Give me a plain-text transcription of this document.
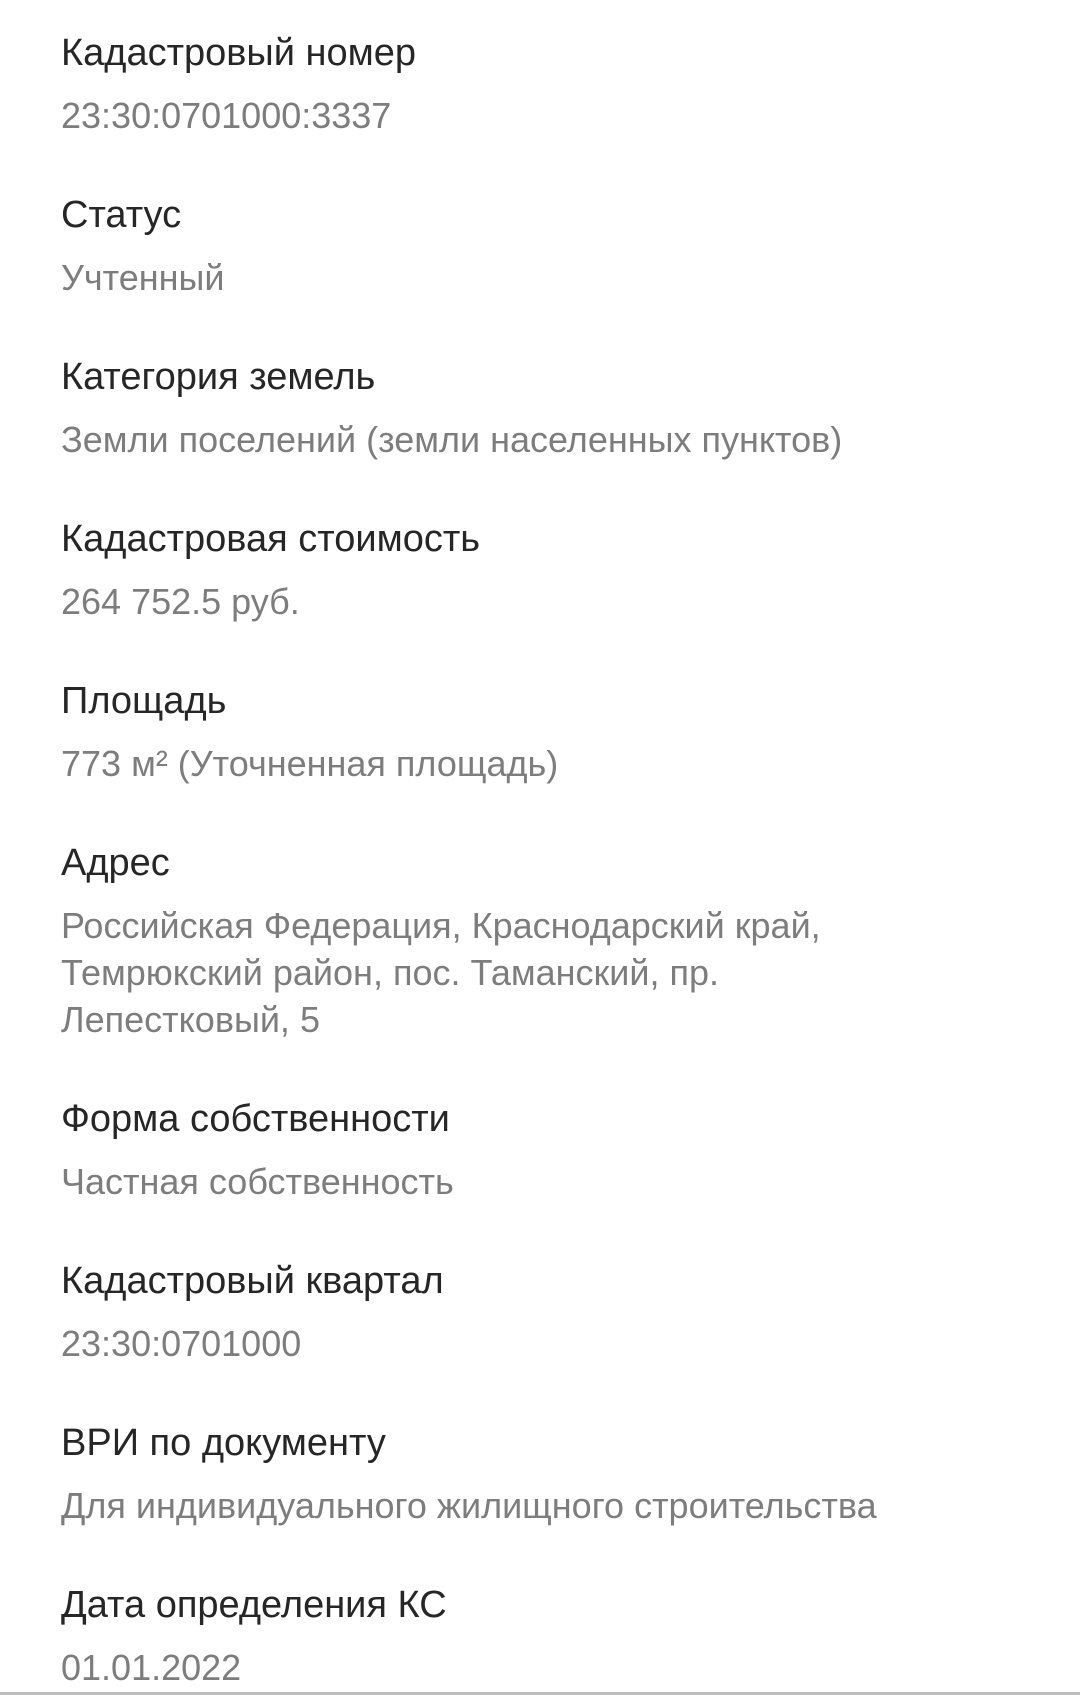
Кадастровый номер
23:30:0701000:3337
Статус
Учтенный
Категория земель
Земли поселений (земли населенных пунктов)
Кадастровая стоимость
264 752.5 руб.
Площадь
773 м² (Уточненная площадь)
Адрес
Российская Федерация, Краснодарский край, Темрюкский район, пос. Таманский, пр. Лепестковый, 5
Форма собственности
Частная собственность
Кадастровый квартал
23:30:0701000
ВРИ по документу
Для индивидуального жилищного строительства
Дата определения КС
01.01.2022
